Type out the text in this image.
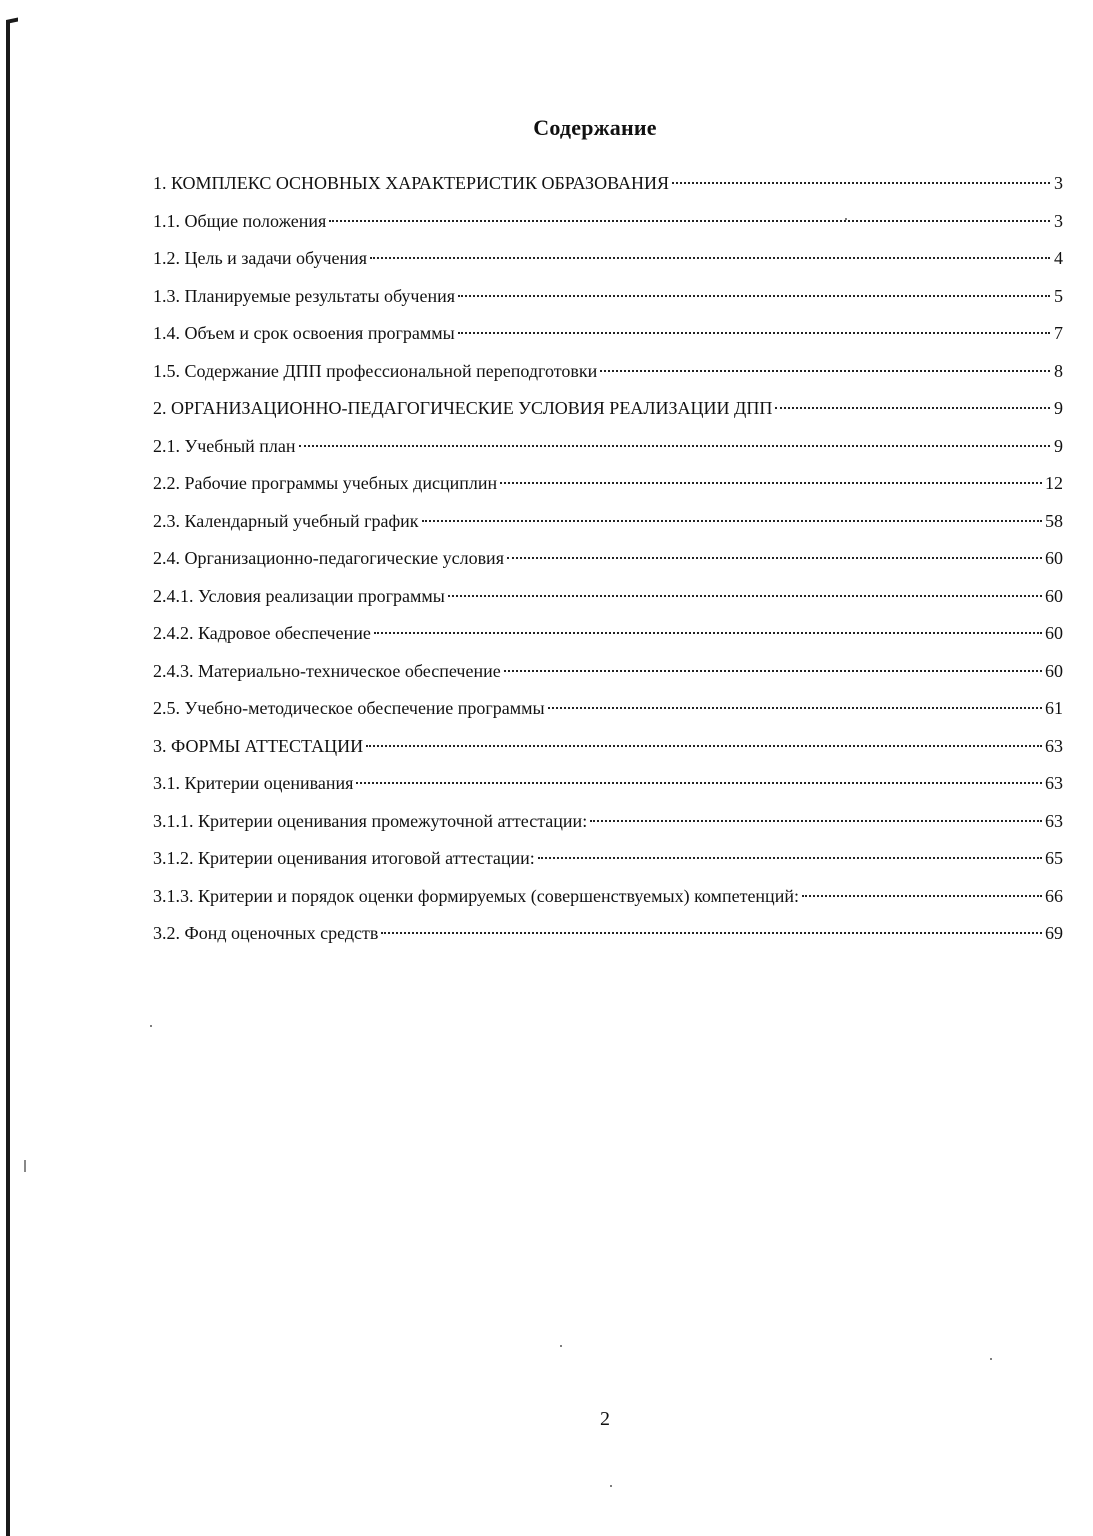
Содержание
1. КОМПЛЕКС ОСНОВНЫХ ХАРАКТЕРИСТИК ОБРАЗОВАНИЯ	3
1.1. Общие положения	3
1.2. Цель и задачи обучения	4
1.3. Планируемые результаты обучения	5
1.4. Объем и срок освоения программы	7
1.5. Содержание ДПП профессиональной переподготовки	8
2. ОРГАНИЗАЦИОННО-ПЕДАГОГИЧЕСКИЕ УСЛОВИЯ РЕАЛИЗАЦИИ ДПП	9
2.1. Учебный план	9
2.2. Рабочие программы учебных дисциплин	12
2.3. Календарный учебный график	58
2.4. Организационно-педагогические условия	60
2.4.1. Условия реализации программы	60
2.4.2. Кадровое обеспечение	60
2.4.3. Материально-техническое обеспечение	60
2.5. Учебно-методическое обеспечение программы	61
3. ФОРМЫ АТТЕСТАЦИИ	63
3.1. Критерии оценивания	63
3.1.1. Критерии оценивания промежуточной аттестации:	63
3.1.2. Критерии оценивания итоговой аттестации:	65
3.1.3. Критерии и порядок оценки формируемых (совершенствуемых) компетенций:	66
3.2. Фонд оценочных средств	69
2
